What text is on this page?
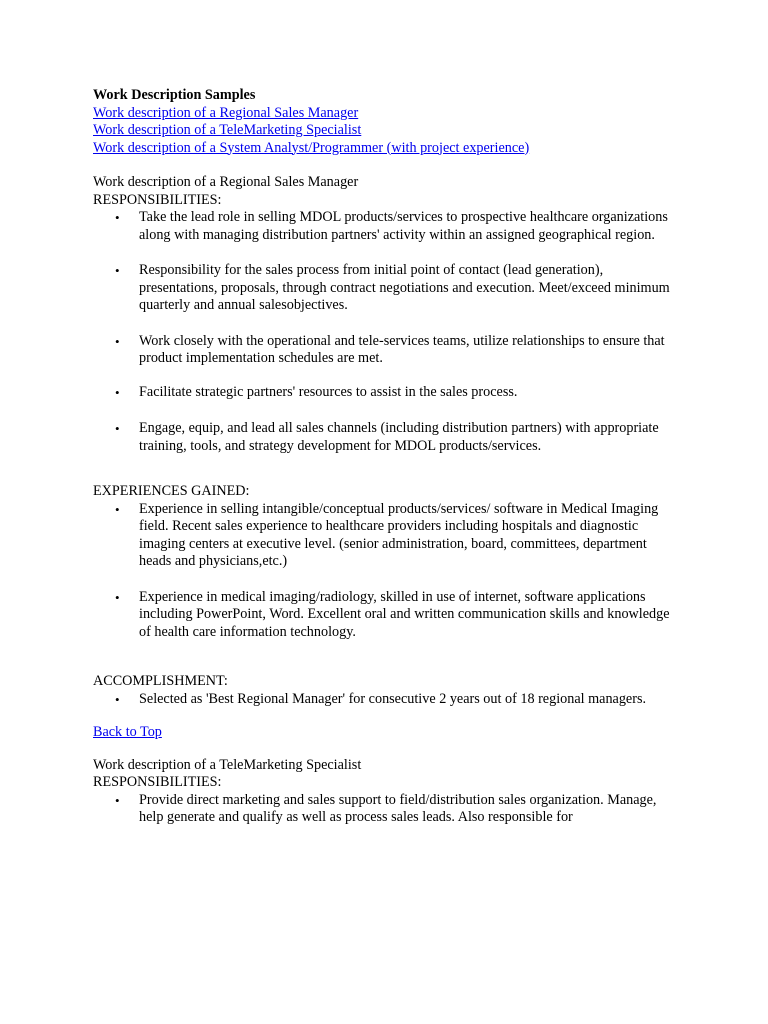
Work Description Samples
Work description of a Regional Sales Manager
Work description of a TeleMarketing Specialist
Work description of a System Analyst/Programmer (with project experience)
Work description of a Regional Sales Manager
RESPONSIBILITIES:
• Take the lead role in selling MDOL products/services to prospective healthcare organizations along with managing distribution partners' activity within an assigned geographical region.
• Responsibility for the sales process from initial point of contact (lead generation), presentations, proposals, through contract negotiations and execution. Meet/exceed minimum quarterly and annual salesobjectives.
• Work closely with the operational and tele-services teams, utilize relationships to ensure that product implementation schedules are met.
• Facilitate strategic partners' resources to assist in the sales process.
• Engage, equip, and lead all sales channels (including distribution partners) with appropriate training, tools, and strategy development for MDOL products/services.
EXPERIENCES GAINED:
• Experience in selling intangible/conceptual products/services/ software in Medical Imaging field. Recent sales experience to healthcare providers including hospitals and diagnostic imaging centers at executive level. (senior administration, board, committees, department heads and physicians,etc.)
• Experience in medical imaging/radiology, skilled in use of internet, software applications including PowerPoint, Word. Excellent oral and written communication skills and knowledge of health care information technology.
ACCOMPLISHMENT:
• Selected as 'Best Regional Manager' for consecutive 2 years out of 18 regional managers.
Back to Top
Work description of a TeleMarketing Specialist
RESPONSIBILITIES:
• Provide direct marketing and sales support to field/distribution sales organization. Manage, help generate and qualify as well as process sales leads. Also responsible for
